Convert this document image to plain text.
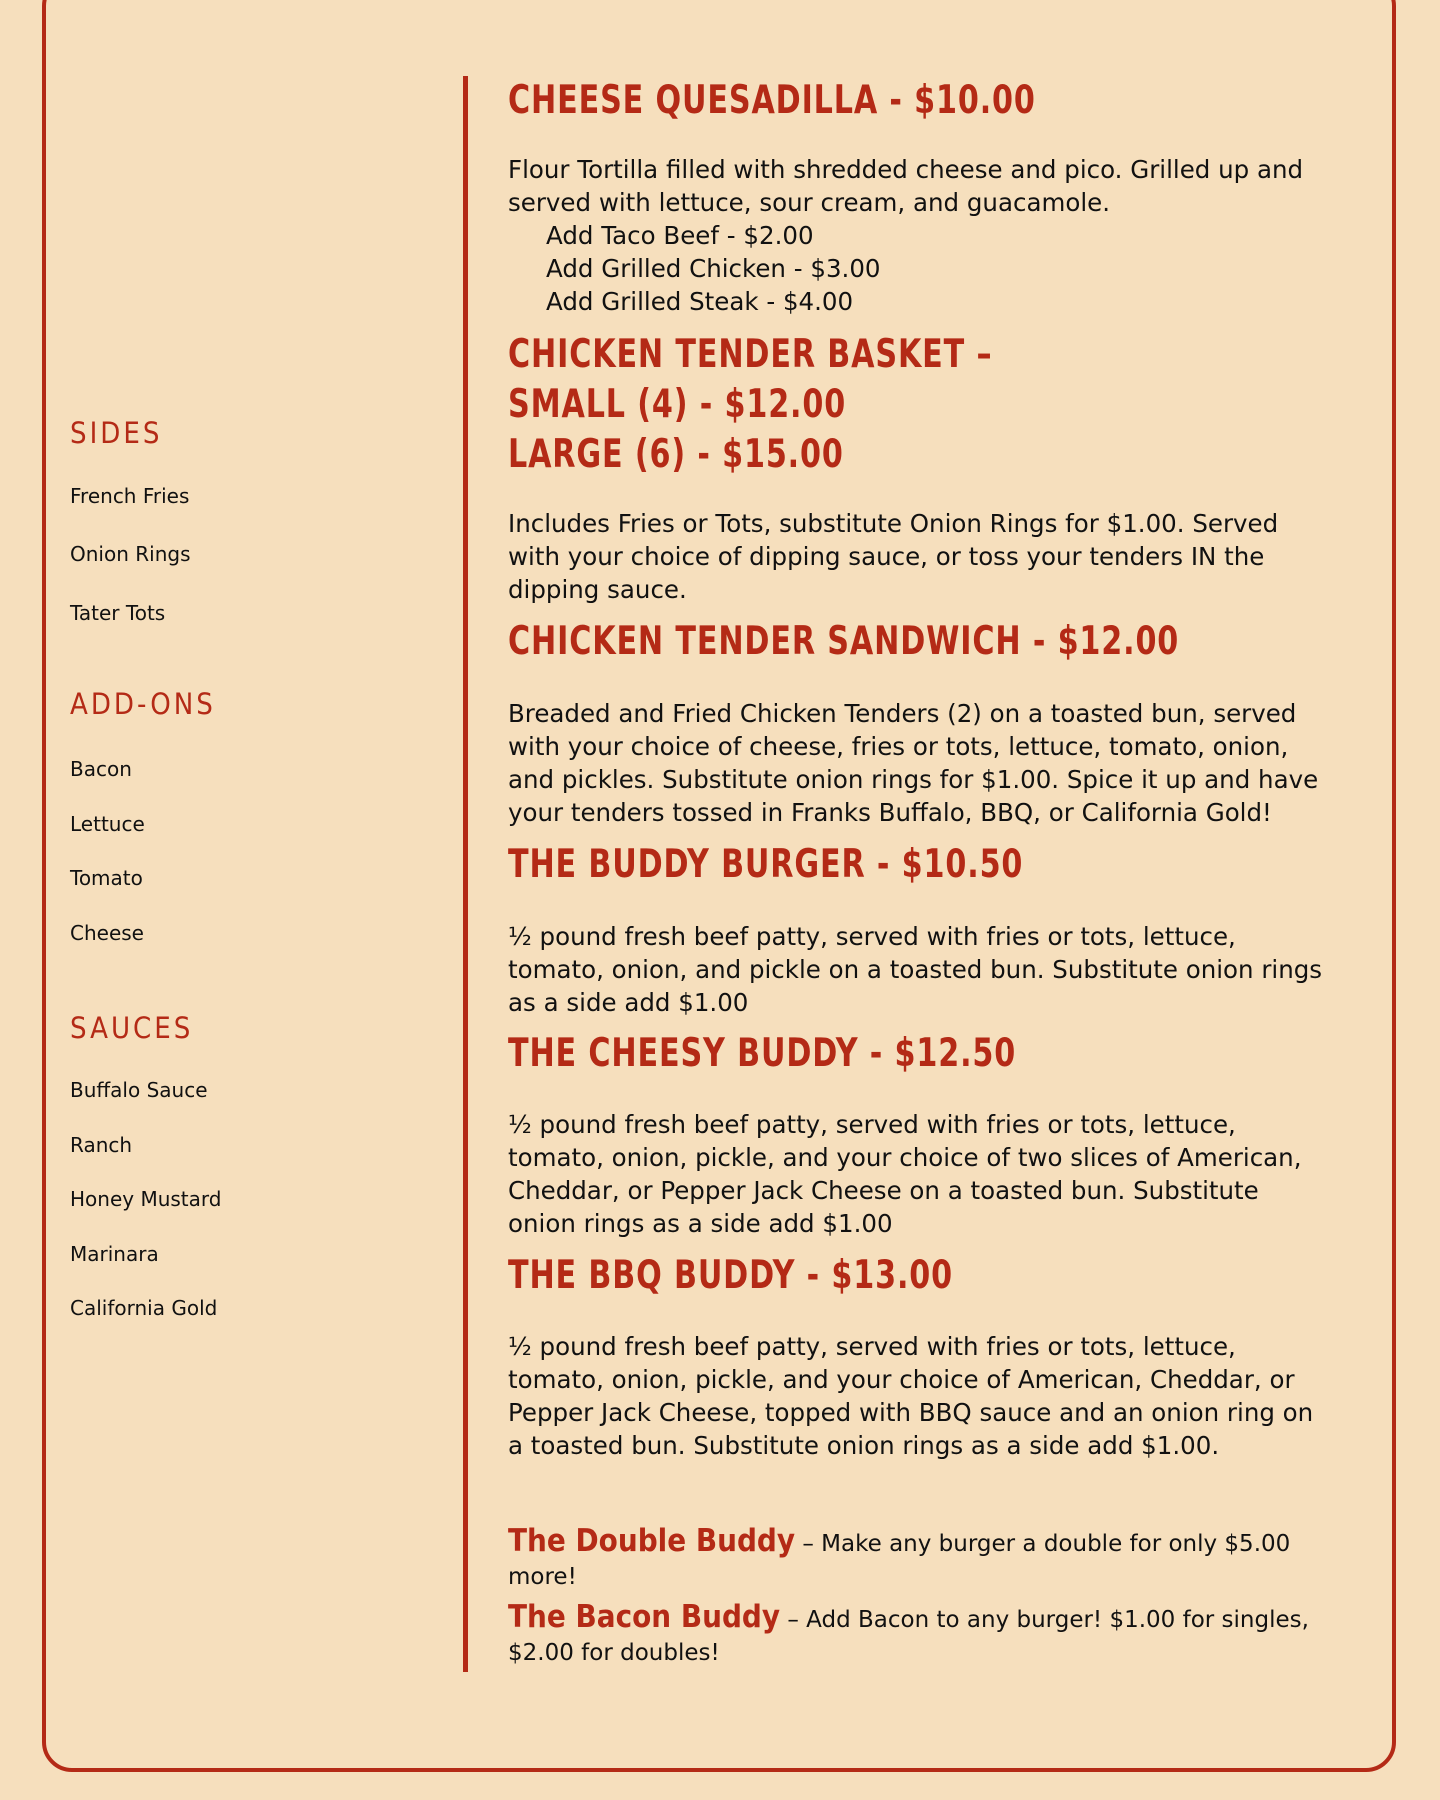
SIDES
French Fries
Onion Rings
Tater Tots
ADD-ONS
Bacon
Lettuce
Tomato
Cheese
SAUCES
Buffalo Sauce
Ranch
Honey Mustard
Marinara
California Gold
CHEESE QUESADILLA - $10.00
Flour Tortilla filled with shredded cheese and pico. Grilled up and served with lettuce, sour cream, and guacamole.
Add Taco Beef - $2.00
Add Grilled Chicken - $3.00
Add Grilled Steak - $4.00
CHICKEN TENDER BASKET –
SMALL (4) - $12.00
LARGE (6) - $15.00
Includes Fries or Tots, substitute Onion Rings for $1.00. Served with your choice of dipping sauce, or toss your tenders IN the dipping sauce.
CHICKEN TENDER SANDWICH - $12.00
Breaded and Fried Chicken Tenders (2) on a toasted bun, served with your choice of cheese, fries or tots, lettuce, tomato, onion, and pickles. Substitute onion rings for $1.00. Spice it up and have your tenders tossed in Franks Buffalo, BBQ, or California Gold!
THE BUDDY BURGER - $10.50
½ pound fresh beef patty, served with fries or tots, lettuce, tomato, onion, and pickle on a toasted bun. Substitute onion rings as a side add $1.00
THE CHEESY BUDDY - $12.50
½ pound fresh beef patty, served with fries or tots, lettuce, tomato, onion, pickle, and your choice of two slices of American, Cheddar, or Pepper Jack Cheese on a toasted bun. Substitute onion rings as a side add $1.00
THE BBQ BUDDY - $13.00
½ pound fresh beef patty, served with fries or tots, lettuce, tomato, onion, pickle, and your choice of American, Cheddar, or Pepper Jack Cheese, topped with BBQ sauce and an onion ring on a toasted bun. Substitute onion rings as a side add $1.00.
The Double Buddy – Make any burger a double for only $5.00 more!
The Bacon Buddy – Add Bacon to any burger! $1.00 for singles, $2.00 for doubles!
